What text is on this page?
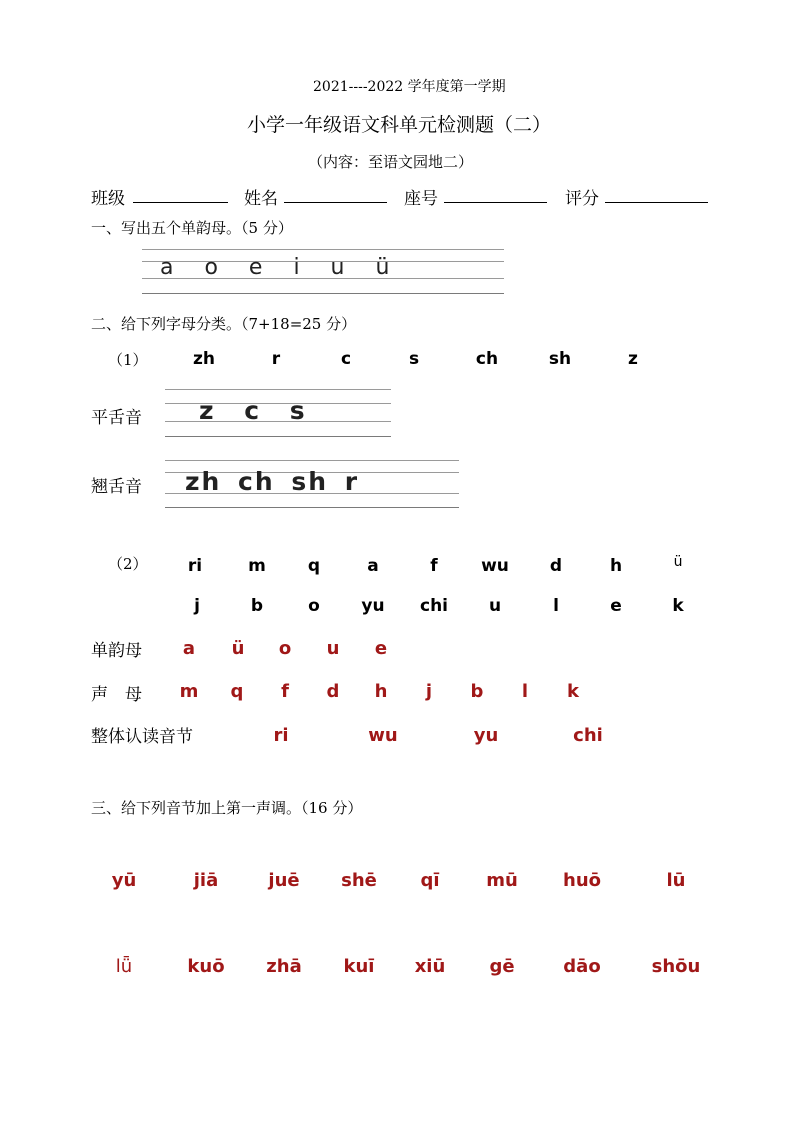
2021----2022 学年度第一学期
小学一年级语文科单元检测题（二）
（内容：至语文园地二）
班级	姓名	座号	评分
一、写出五个单韵母。（5 分）
a o e i u ü
二、给下列字母分类。（7+18=25 分）
（1）	zh	r	c	s	ch	sh	z
平舌音 z c s
翘舌音 zh ch sh r
（2） ri	m q	a	f	wu d	h	ü
j	b	o yu chi u	l	e	k
单韵母 a ü o u e
声　母 m q f d h j b l k
整体认读音节	ri	wu	yu	chi
三、给下列音节加上第一声调。（16 分）
yū	jiā	juē shē qī	mū	huō	lū
lǖ	kuō zhā kuī xiū gē	dāo	shōu
